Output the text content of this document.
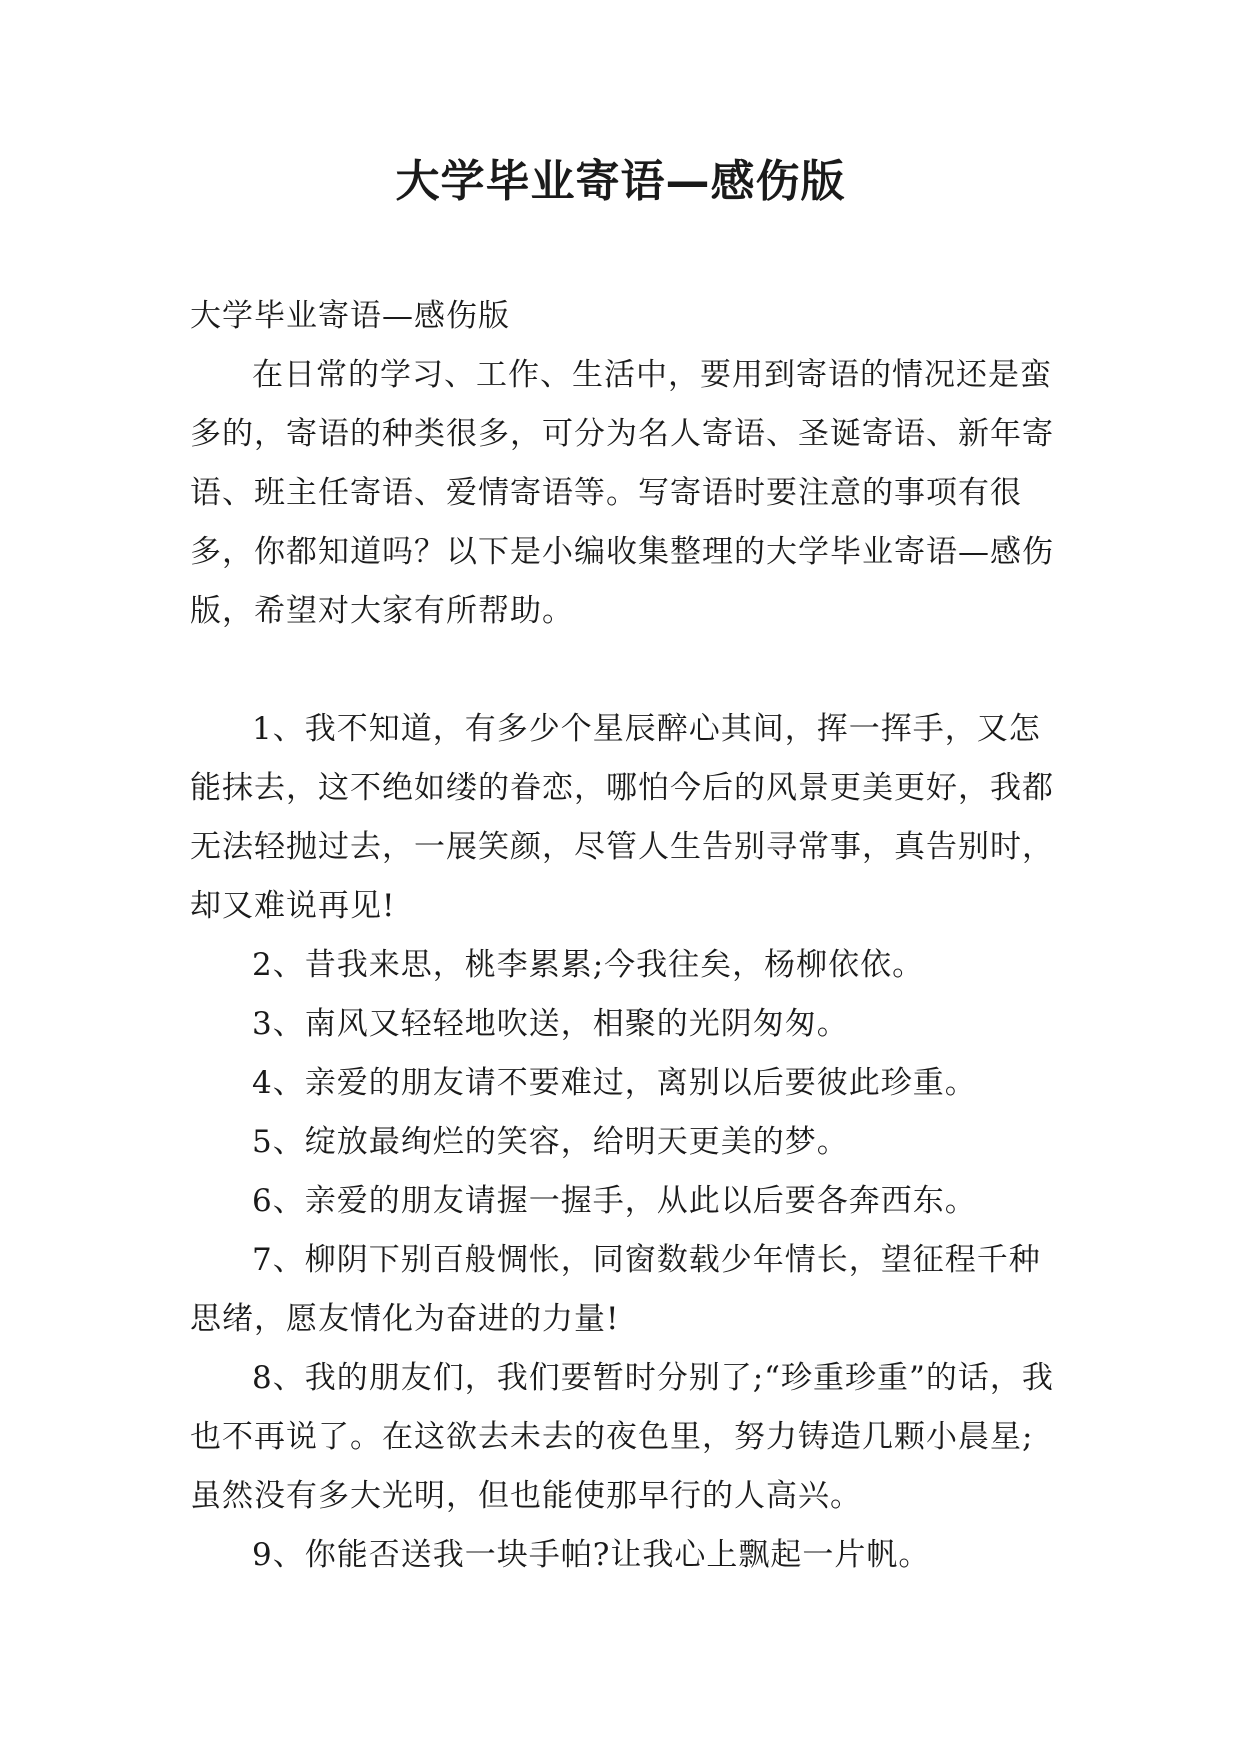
大学毕业寄语—感伤版

大学毕业寄语—感伤版

在日常的学习、工作、生活中，要用到寄语的情况还是蛮多的，寄语的种类很多，可分为名人寄语、圣诞寄语、新年寄语、班主任寄语、爱情寄语等。写寄语时要注意的事项有很多，你都知道吗？以下是小编收集整理的大学毕业寄语—感伤版，希望对大家有所帮助。

1、我不知道，有多少个星辰醉心其间，挥一挥手，又怎能抹去，这不绝如缕的眷恋，哪怕今后的风景更美更好，我都无法轻抛过去，一展笑颜，尽管人生告别寻常事，真告别时，却又难说再见!

2、昔我来思，桃李累累;今我往矣，杨柳依依。

3、南风又轻轻地吹送，相聚的光阴匆匆。

4、亲爱的朋友请不要难过，离别以后要彼此珍重。

5、绽放最绚烂的笑容，给明天更美的梦。

6、亲爱的朋友请握一握手，从此以后要各奔西东。

7、柳阴下别百般惆怅，同窗数载少年情长，望征程千种思绪，愿友情化为奋进的力量!

8、我的朋友们，我们要暂时分别了;“珍重珍重”的话，我也不再说了。在这欲去未去的夜色里，努力铸造几颗小晨星;虽然没有多大光明，但也能使那早行的人高兴。

9、你能否送我一块手帕?让我心上飘起一片帆。
